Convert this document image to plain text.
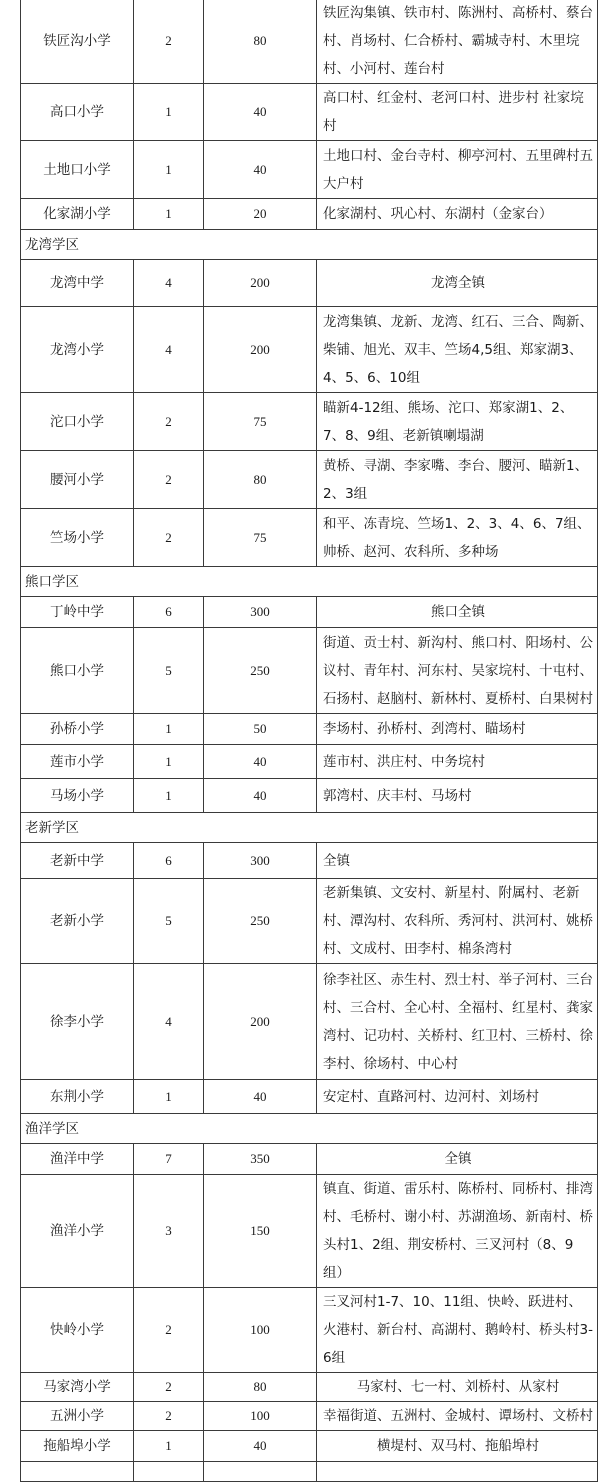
铁匠沟小学	2	80	铁匠沟集镇、铁市村、陈洲村、高桥村、蔡台村、肖场村、仁合桥村、霸城寺村、木里垸村、小河村、莲台村
高口小学	1	40	高口村、红金村、老河口村、进步村 社家垸村
土地口小学	1	40	土地口村、金台寺村、柳亭河村、五里碑村五大户村
化家湖小学	1	20	化家湖村、巩心村、东湖村（金家台）
龙湾学区			
龙湾中学	4	200	龙湾全镇
龙湾小学	4	200	龙湾集镇、龙新、龙湾、红石、三合、陶新、柴铺、旭光、双丰、竺场4,5组、郑家湖3、4、5、6、10组
沱口小学	2	75	瞄新4-12组、熊场、沱口、郑家湖1、2、7、8、9组、老新镇喇塌湖
腰河小学	2	80	黄桥、寻湖、李家嘴、李台、腰河、瞄新1、2、3组
竺场小学	2	75	和平、冻青垸、竺场1、2、3、4、6、7组、帅桥、赵河、农科所、多种场
熊口学区			
丁岭中学	6	300	熊口全镇
熊口小学	5	250	街道、贡士村、新沟村、熊口村、阳场村、公议村、青年村、河东村、吴家垸村、十屯村、石扬村、赵脑村、新林村、夏桥村、白果树村
孙桥小学	1	50	李场村、孙桥村、刭湾村、瞄场村
莲市小学	1	40	莲市村、洪庄村、中务垸村
马场小学	1	40	郭湾村、庆丰村、马场村
老新学区			
老新中学	6	300	全镇
老新小学	5	250	老新集镇、文安村、新星村、附属村、老新村、潭沟村、农科所、秀河村、洪河村、姚桥村、文成村、田李村、棉条湾村
徐李小学	4	200	徐李社区、赤生村、烈士村、举子河村、三台村、三合村、全心村、全福村、红星村、龚家湾村、记功村、关桥村、红卫村、三桥村、徐李村、徐场村、中心村
东荆小学	1	40	安定村、直路河村、边河村、刘场村
渔洋学区			
渔洋中学	7	350	全镇
渔洋小学	3	150	镇直、街道、雷乐村、陈桥村、同桥村、排湾村、毛桥村、谢小村、苏湖渔场、新南村、桥头村1、2组、荆安桥村、三叉河村（8、9组）
快岭小学	2	100	三叉河村1-7、10、11组、快岭、跃进村、火港村、新台村、高湖村、鹅岭村、桥头村3-6组
马家湾小学	2	80	马家村、七一村、刘桥村、从家村
五洲小学	2	100	幸福街道、五洲村、金城村、谭场村、文桥村
拖船埠小学	1	40	横堤村、双马村、拖船埠村
